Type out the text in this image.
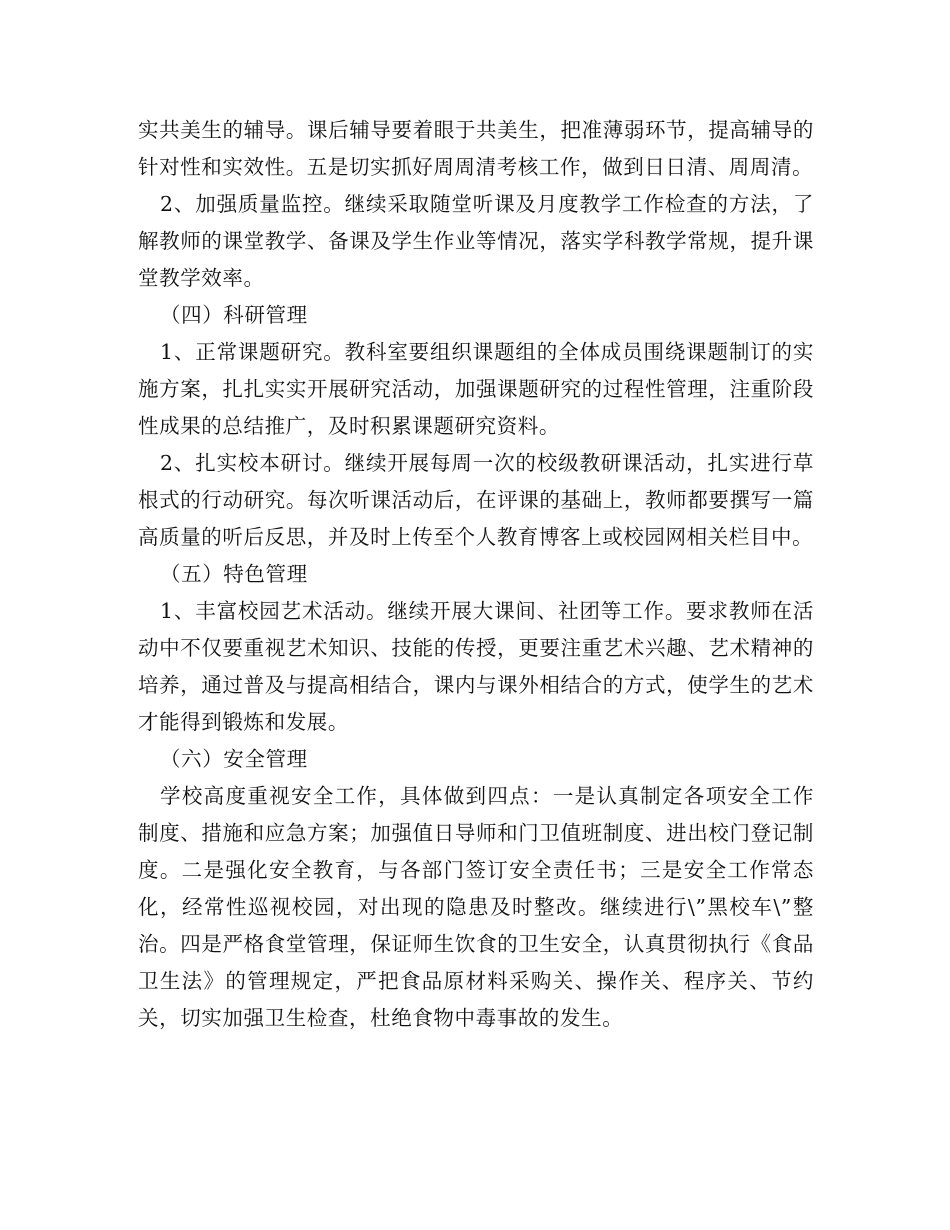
实共美生的辅导。课后辅导要着眼于共美生，把准薄弱环节，提高辅导的针对性和实效性。五是切实抓好周周清考核工作，做到日日清、周周清。

2、加强质量监控。继续采取随堂听课及月度教学工作检查的方法，了解教师的课堂教学、备课及学生作业等情况，落实学科教学常规，提升课堂教学效率。

（四）科研管理

1、正常课题研究。教科室要组织课题组的全体成员围绕课题制订的实施方案，扎扎实实开展研究活动，加强课题研究的过程性管理，注重阶段性成果的总结推广，及时积累课题研究资料。

2、扎实校本研讨。继续开展每周一次的校级教研课活动，扎实进行草根式的行动研究。每次听课活动后，在评课的基础上，教师都要撰写一篇高质量的听后反思，并及时上传至个人教育博客上或校园网相关栏目中。

（五）特色管理

1、丰富校园艺术活动。继续开展大课间、社团等工作。要求教师在活动中不仅要重视艺术知识、技能的传授，更要注重艺术兴趣、艺术精神的培养，通过普及与提高相结合，课内与课外相结合的方式，使学生的艺术才能得到锻炼和发展。

（六）安全管理

学校高度重视安全工作，具体做到四点：一是认真制定各项安全工作制度、措施和应急方案；加强值日导师和门卫值班制度、进出校门登记制度。二是强化安全教育，与各部门签订安全责任书；三是安全工作常态化，经常性巡视校园，对出现的隐患及时整改。继续进行\”黑校车\”整治。四是严格食堂管理，保证师生饮食的卫生安全，认真贯彻执行《食品卫生法》的管理规定，严把食品原材料采购关、操作关、程序关、节约关，切实加强卫生检查，杜绝食物中毒事故的发生。
